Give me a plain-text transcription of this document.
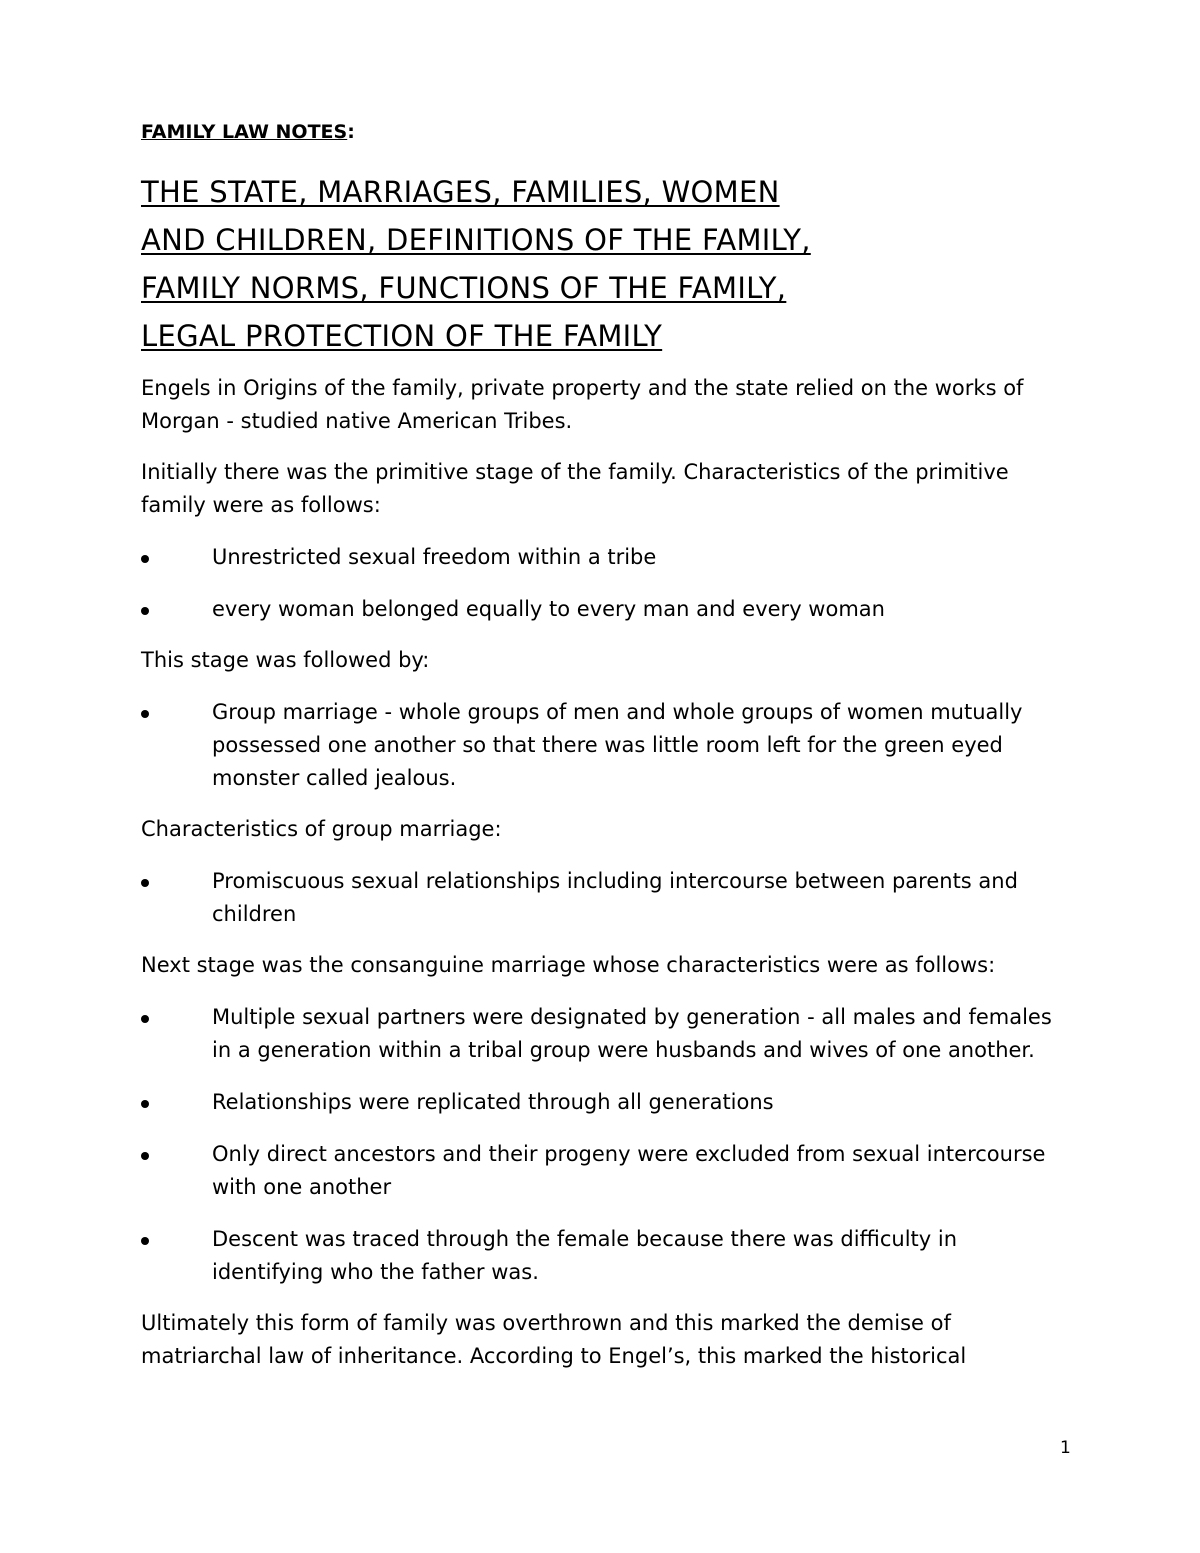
FAMILY LAW NOTES:
THE STATE, MARRIAGES, FAMILIES, WOMEN
AND CHILDREN, DEFINITIONS OF THE FAMILY,
FAMILY NORMS, FUNCTIONS OF THE FAMILY,
LEGAL PROTECTION OF THE FAMILY

Engels in Origins of the family, private property and the state relied on the works of Morgan - studied native American Tribes.

Initially there was the primitive stage of the family. Characteristics of the primitive family were as follows:

Unrestricted sexual freedom within a tribe
every woman belonged equally to every man and every woman

This stage was followed by:

Group marriage - whole groups of men and whole groups of women mutually possessed one another so that there was little room left for the green eyed monster called jealous.

Characteristics of group marriage:

Promiscuous sexual relationships including intercourse between parents and children

Next stage was the consanguine marriage whose characteristics were as follows:

Multiple sexual partners were designated by generation - all males and females in a generation within a tribal group were husbands and wives of one another.
Relationships were replicated through all generations
Only direct ancestors and their progeny were excluded from sexual intercourse with one another
Descent was traced through the female because there was difficulty in identifying who the father was.

Ultimately this form of family was overthrown and this marked the demise of matriarchal law of inheritance. According to Engel’s, this marked the historical

1
